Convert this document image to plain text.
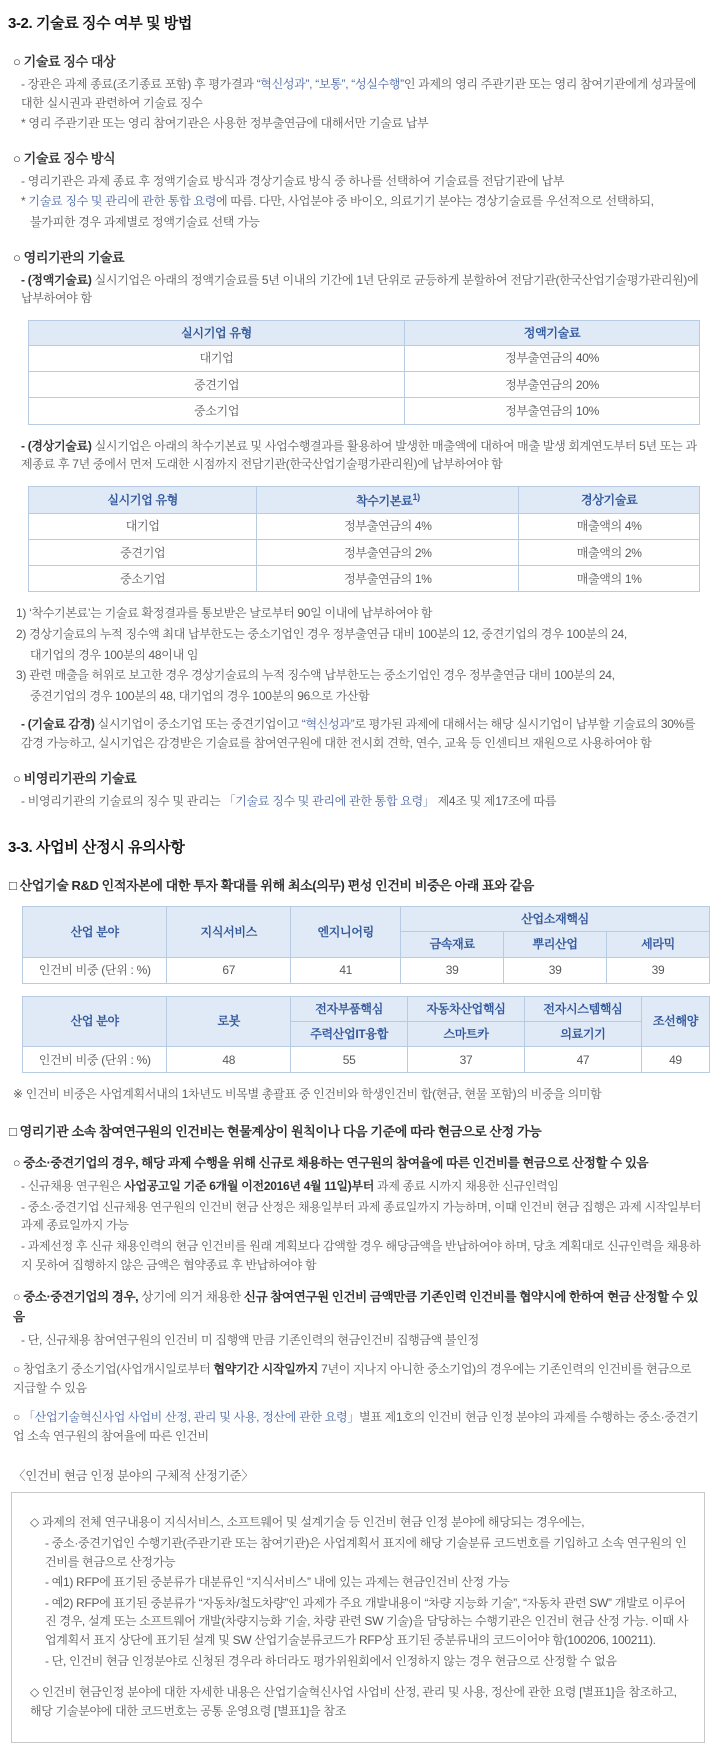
3-2. 기술료 징수 여부 및 방법
○ 기술료 징수 대상

- 장관은 과제 종료(조기종료 포함) 후 평가결과 “혁신성과”, “보통”, “성실수행”인 과제의 영리 주관기관 또는 영리 참여기관에게 성과물에 대한 실시권과 관련하여 기술료 징수

* 영리 주관기관 또는 영리 참여기관은 사용한 정부출연금에 대해서만 기술료 납부

○ 기술료 징수 방식

- 영리기관은 과제 종료 후 정액기술료 방식과 경상기술료 방식 중 하나를 선택하여 기술료를 전담기관에 납부

* 기술료 징수 및 관리에 관한 통합 요령에 따름. 다만, 사업분야 중 바이오, 의료기기 분야는 경상기술료를 우선적으로 선택하되,

불가피한 경우 과제별로 정액기술료 선택 가능

○ 영리기관의 기술료

- (정액기술료) 실시기업은 아래의 정액기술료를 5년 이내의 기간에 1년 단위로 균등하게 분할하여 전담기관(한국산업기술평가관리원)에 납부하여야 함

실시기업 유형	정액기술료
대기업	정부출연금의 40%
중견기업	정부출연금의 20%
중소기업	정부출연금의 10%

- (경상기술료) 실시기업은 아래의 착수기본료 및 사업수행결과를 활용하여 발생한 매출액에 대하여 매출 발생 회계연도부터 5년 또는 과제종료 후 7년 중에서 먼저 도래한 시점까지 전담기관(한국산업기술평가관리원)에 납부하여야 함

실시기업 유형	착수기본료$^{1)}$	경상기술료
대기업	정부출연금의 4%	매출액의 4%
중견기업	정부출연금의 2%	매출액의 2%
중소기업	정부출연금의 1%	매출액의 1%

1) ‘착수기본료’는 기술료 확정결과를 통보받은 날로부터 90일 이내에 납부하여야 함

2) 경상기술료의 누적 징수액 최대 납부한도는 중소기업인 경우 정부출연금 대비 100분의 12, 중견기업의 경우 100분의 24,

대기업의 경우 100분의 48이내 임

3) 관련 매출을 허위로 보고한 경우 경상기술료의 누적 징수액 납부한도는 중소기업인 경우 정부출연금 대비 100분의 24,

중견기업의 경우 100분의 48, 대기업의 경우 100분의 96으로 가산함

- (기술료 감경) 실시기업이 중소기업 또는 중견기업이고 “혁신성과”로 평가된 과제에 대해서는 해당 실시기업이 납부할 기술료의 30%를 감경 가능하고, 실시기업은 감경받은 기술료를 참여연구원에 대한 전시회 견학, 연수, 교육 등 인센티브 재원으로 사용하여야 함

○ 비영리기관의 기술료

- 비영리기관의 기술료의 징수 및 관리는 「기술료 징수 및 관리에 관한 통합 요령」 제4조 및 제17조에 따름

3-3. 사업비 산정시 유의사항
□ 산업기술 R&D 인적자본에 대한 투자 확대를 위해 최소(의무) 편성 인건비 비중은 아래 표와 같음
산업 분야	지식서비스	엔지니어링	산업소재핵심		
			금속재료	뿌리산업	세라믹
인건비 비중 (단위 : %)	67	41	39	39	39
산업 분야	로봇	전자부품핵심	자동차산업핵심	전자시스템핵심	조선해양
		주력산업IT융합	스마트카	의료기기	
인건비 비중 (단위 : %)	48	55	37	47	49

※ 인건비 비중은 사업계획서내의 1차년도 비목별 총괄표 중 인건비와 학생인건비 합(현금, 현물 포함)의 비중을 의미함

□ 영리기관 소속 참여연구원의 인건비는 현물계상이 원칙이나 다음 기준에 따라 현금으로 산정 가능
○ 중소·중견기업의 경우, 해당 과제 수행을 위해 신규로 채용하는 연구원의 참여율에 따른 인건비를 현금으로 산정할 수 있음

- 신규채용 연구원은 사업공고일 기준 6개월 이전2016년 4월 11일)부터 과제 종료 시까지 채용한 신규인력임

- 중소·중견기업 신규채용 연구원의 인건비 현금 산정은 채용일부터 과제 종료일까지 가능하며, 이때 인건비 현금 집행은 과제 시작일부터 과제 종료일까지 가능

- 과제선정 후 신규 채용인력의 현금 인건비를 원래 계획보다 감액할 경우 해당금액을 반납하여야 하며, 당초 계획대로 신규인력을 채용하지 못하여 집행하지 않은 금액은 협약종료 후 반납하여야 함

○ 중소·중견기업의 경우, 상기에 의거 채용한 신규 참여연구원 인건비 금액만큼 기존인력 인건비를 협약시에 한하여 현금 산정할 수 있음

- 단, 신규채용 참여연구원의 인건비 미 집행액 만큼 기존인력의 현금인건비 집행금액 불인정

○ 창업초기 중소기업(사업개시일로부터 협약기간 시작일까지 7년이 지나지 아니한 중소기업)의 경우에는 기존인력의 인건비를 현금으로 지급할 수 있음

○ 「산업기술혁신사업 사업비 산정, 관리 및 사용, 정산에 관한 요령」별표 제1호의 인건비 현금 인정 분야의 과제를 수행하는 중소·중견기업 소속 연구원의 참여율에 따른 인건비

〈인건비 현금 인정 분야의 구체적 산정기준〉

◇ 과제의 전체 연구내용이 지식서비스, 소프트웨어 및 설계기술 등 인건비 현금 인정 분야에 해당되는 경우에는,

- 중소·중견기업인 수행기관(주관기관 또는 참여기관)은 사업계획서 표지에 해당 기술분류 코드번호를 기입하고 소속 연구원의 인건비를 현금으로 산정가능

- 예1) RFP에 표기된 중분류가 대분류인 “지식서비스” 내에 있는 과제는 현금인건비 산정 가능

- 예2) RFP에 표기된 중분류가 “자동차/철도차량”인 과제가 주요 개발내용이 “차량 지능화 기술”, “자동차 관련 SW” 개발로 이루어진 경우, 설계 또는 소프트웨어 개발(차량지능화 기술, 차량 관련 SW 기술)을 담당하는 수행기관은 인건비 현금 산정 가능. 이때 사업계획서 표지 상단에 표기된 설계 및 SW 산업기술분류코드가 RFP상 표기된 중분류내의 코드이어야 함(100206, 100211).

- 단, 인건비 현금 인정분야로 신청된 경우라 하더라도 평가위원회에서 인정하지 않는 경우 현금으로 산정할 수 없음

◇ 인건비 현금인정 분야에 대한 자세한 내용은 산업기술혁신사업 사업비 산정, 관리 및 사용, 정산에 관한 요령 [별표1]을 참조하고, 해당 기술분야에 대한 코드번호는 공통 운영요령 [별표1]을 참조
